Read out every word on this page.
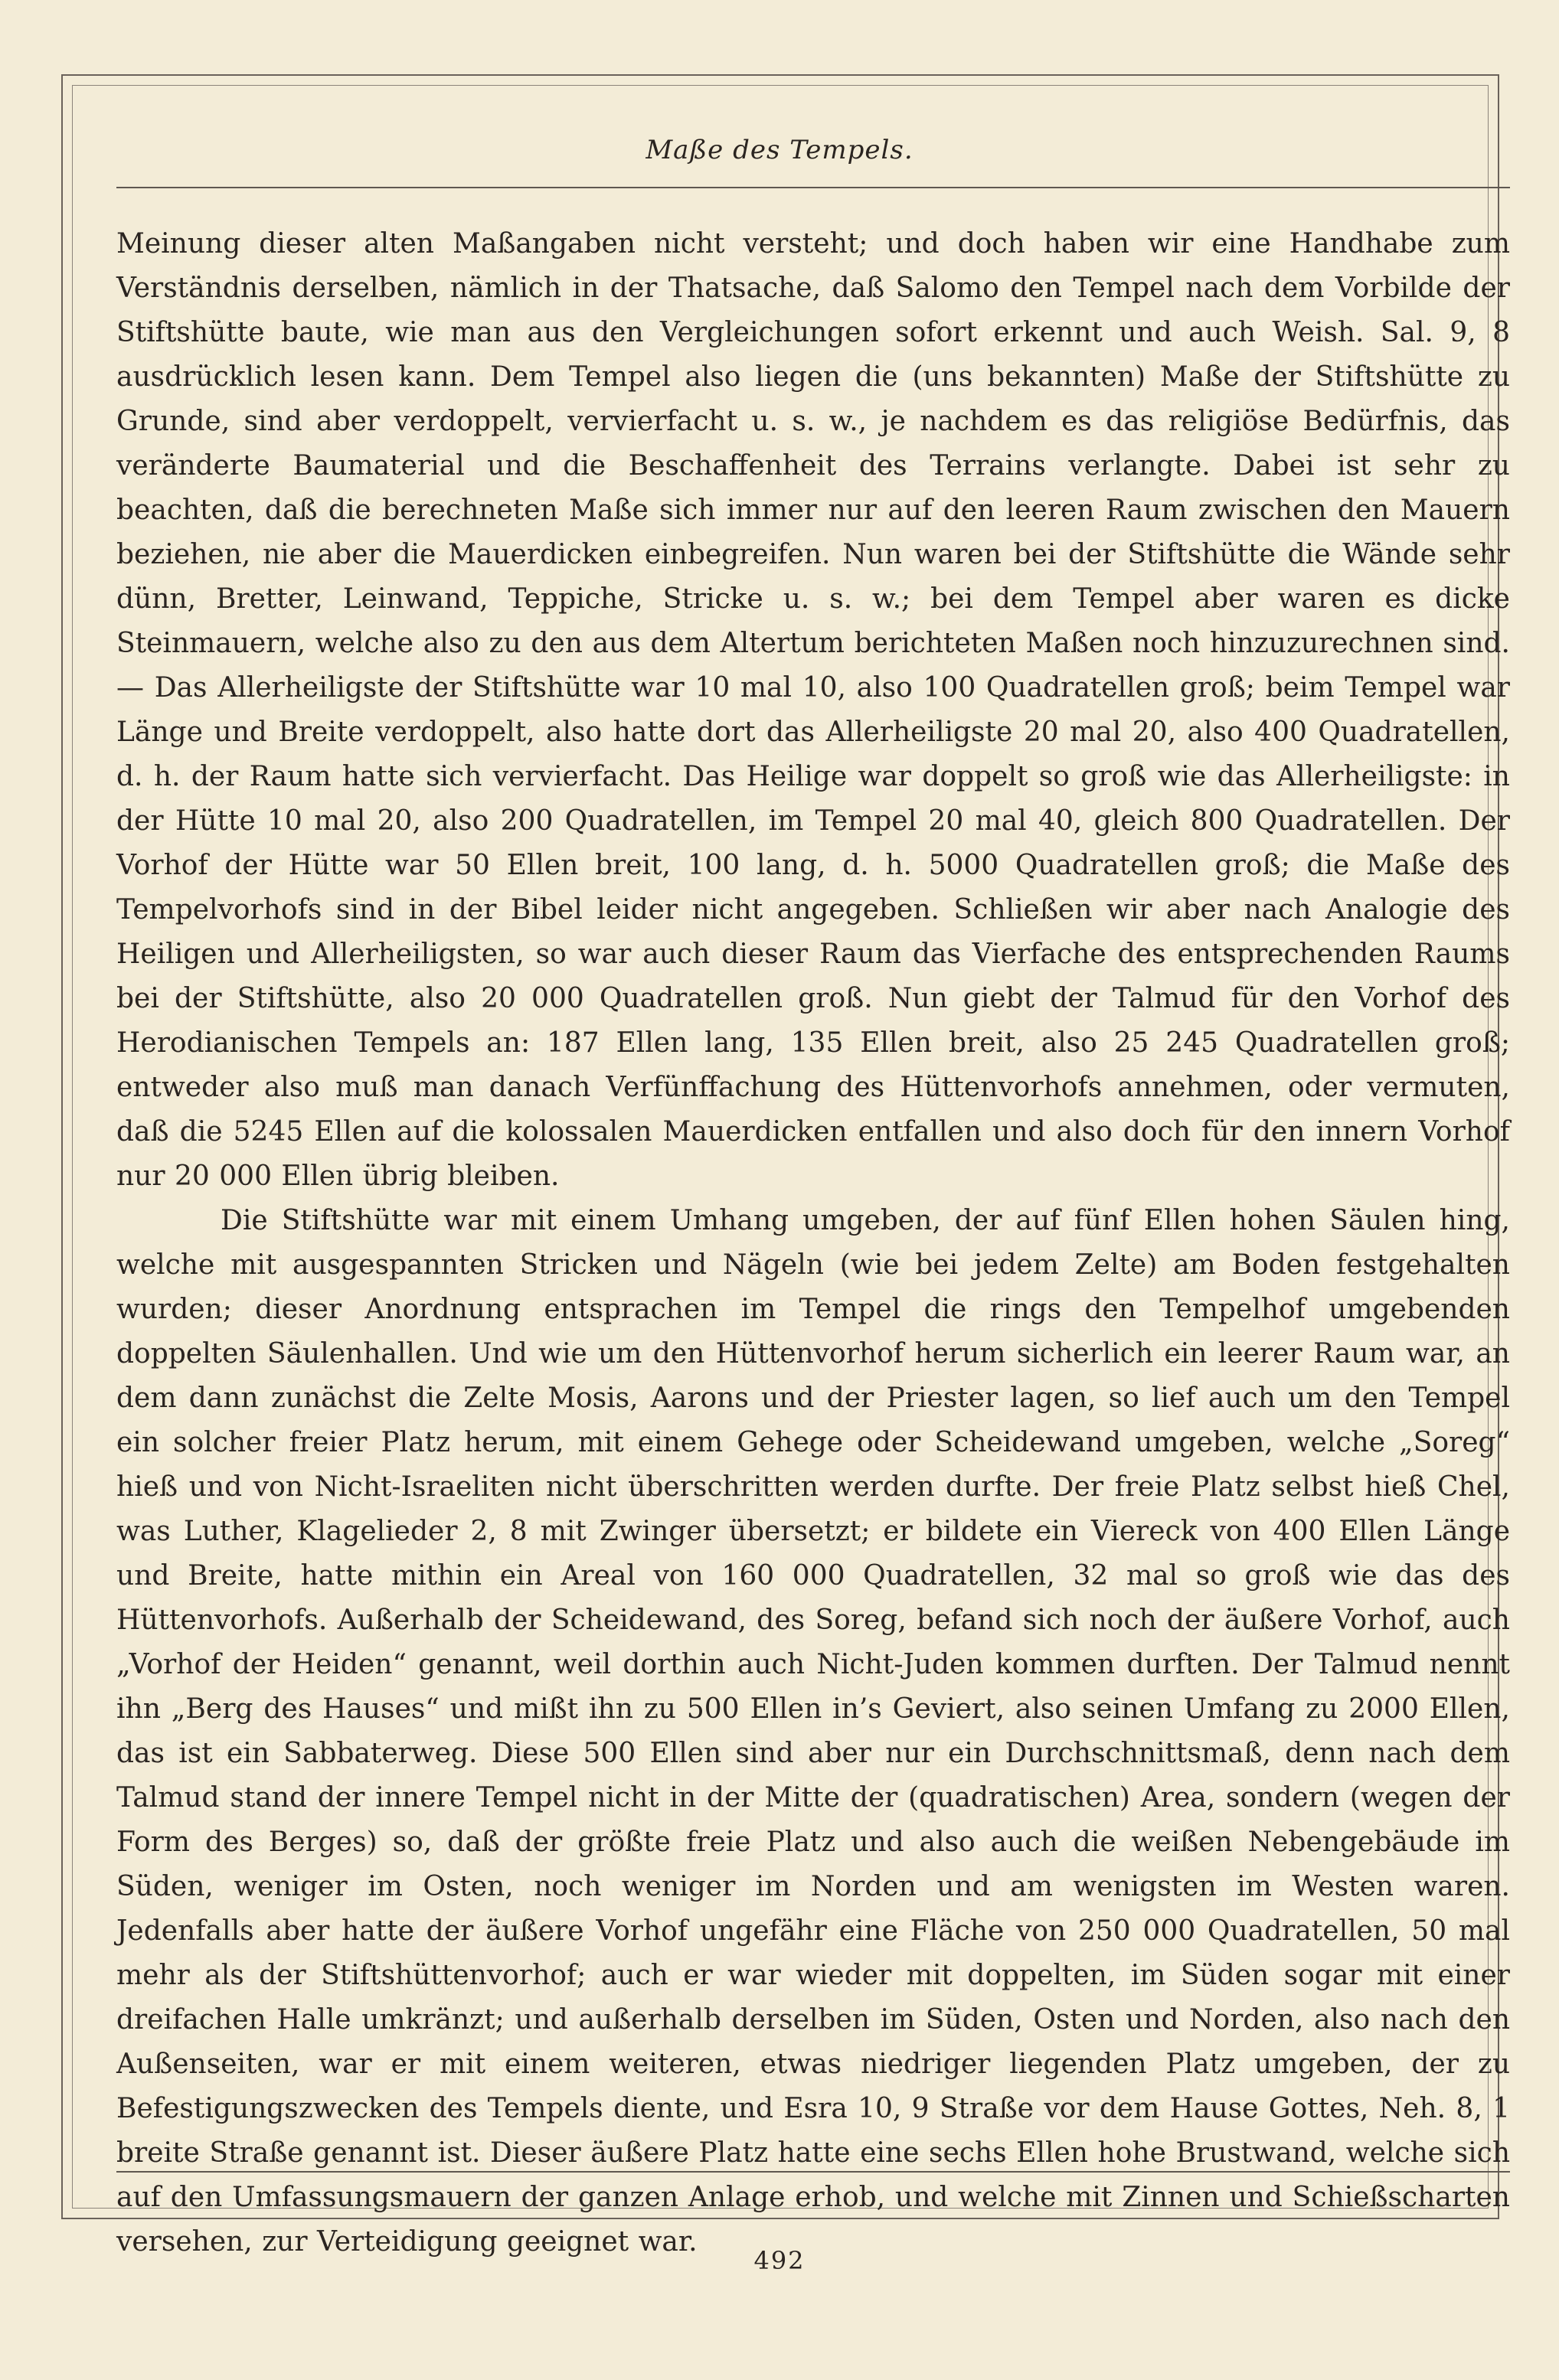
Maße des Tempels.

Meinung dieser alten Maßangaben nicht versteht; und doch haben wir eine Handhabe zum Verständnis derselben, nämlich in der Thatsache, daß Salomo den Tempel nach dem Vorbilde der Stiftshütte baute, wie man aus den Vergleichungen sofort erkennt und auch Weish. Sal. 9, 8 ausdrücklich lesen kann. Dem Tempel also liegen die (uns bekannten) Maße der Stiftshütte zu Grunde, sind aber verdoppelt, vervierfacht u. s. w., je nachdem es das religiöse Bedürfnis, das veränderte Baumaterial und die Beschaffenheit des Terrains verlangte. Dabei ist sehr zu beachten, daß die berechneten Maße sich immer nur auf den leeren Raum zwischen den Mauern beziehen, nie aber die Mauerdicken einbegreifen. Nun waren bei der Stiftshütte die Wände sehr dünn, Bretter, Leinwand, Teppiche, Stricke u. s. w.; bei dem Tempel aber waren es dicke Steinmauern, welche also zu den aus dem Altertum berichteten Maßen noch hinzuzurechnen sind. — Das Allerheiligste der Stiftshütte war 10 mal 10, also 100 Quadratellen groß; beim Tempel war Länge und Breite verdoppelt, also hatte dort das Allerheiligste 20 mal 20, also 400 Quadratellen, d. h. der Raum hatte sich vervierfacht. Das Heilige war doppelt so groß wie das Allerheiligste: in der Hütte 10 mal 20, also 200 Quadratellen, im Tempel 20 mal 40, gleich 800 Quadratellen. Der Vorhof der Hütte war 50 Ellen breit, 100 lang, d. h. 5000 Quadratellen groß; die Maße des Tempelvorhofs sind in der Bibel leider nicht angegeben. Schließen wir aber nach Analogie des Heiligen und Allerheiligsten, so war auch dieser Raum das Vierfache des entsprechenden Raums bei der Stiftshütte, also 20 000 Quadratellen groß. Nun giebt der Talmud für den Vorhof des Herodianischen Tempels an: 187 Ellen lang, 135 Ellen breit, also 25 245 Quadratellen groß; entweder also muß man danach Verfünffachung des Hüttenvorhofs annehmen, oder vermuten, daß die 5245 Ellen auf die kolossalen Mauerdicken entfallen und also doch für den innern Vorhof nur 20 000 Ellen übrig bleiben.

Die Stiftshütte war mit einem Umhang umgeben, der auf fünf Ellen hohen Säulen hing, welche mit ausgespannten Stricken und Nägeln (wie bei jedem Zelte) am Boden festgehalten wurden; dieser Anordnung entsprachen im Tempel die rings den Tempelhof umgebenden doppelten Säulenhallen. Und wie um den Hüttenvorhof herum sicherlich ein leerer Raum war, an dem dann zunächst die Zelte Mosis, Aarons und der Priester lagen, so lief auch um den Tempel ein solcher freier Platz herum, mit einem Gehege oder Scheidewand umgeben, welche „Soreg“ hieß und von Nicht-Israeliten nicht überschritten werden durfte. Der freie Platz selbst hieß Chel, was Luther, Klagelieder 2, 8 mit Zwinger übersetzt; er bildete ein Viereck von 400 Ellen Länge und Breite, hatte mithin ein Areal von 160 000 Quadratellen, 32 mal so groß wie das des Hüttenvorhofs. Außerhalb der Scheidewand, des Soreg, befand sich noch der äußere Vorhof, auch „Vorhof der Heiden“ genannt, weil dorthin auch Nicht-Juden kommen durften. Der Talmud nennt ihn „Berg des Hauses“ und mißt ihn zu 500 Ellen in’s Geviert, also seinen Umfang zu 2000 Ellen, das ist ein Sabbaterweg. Diese 500 Ellen sind aber nur ein Durchschnittsmaß, denn nach dem Talmud stand der innere Tempel nicht in der Mitte der (quadratischen) Area, sondern (wegen der Form des Berges) so, daß der größte freie Platz und also auch die weißen Nebengebäude im Süden, weniger im Osten, noch weniger im Norden und am wenigsten im Westen waren. Jedenfalls aber hatte der äußere Vorhof ungefähr eine Fläche von 250 000 Quadratellen, 50 mal mehr als der Stiftshüttenvorhof; auch er war wieder mit doppelten, im Süden sogar mit einer dreifachen Halle umkränzt; und außerhalb derselben im Süden, Osten und Norden, also nach den Außenseiten, war er mit einem weiteren, etwas niedriger liegenden Platz umgeben, der zu Befestigungszwecken des Tempels diente, und Esra 10, 9 Straße vor dem Hause Gottes, Neh. 8, 1 breite Straße genannt ist. Dieser äußere Platz hatte eine sechs Ellen hohe Brustwand, welche sich auf den Umfassungsmauern der ganzen Anlage erhob, und welche mit Zinnen und Schießscharten versehen, zur Verteidigung geeignet war.

492
